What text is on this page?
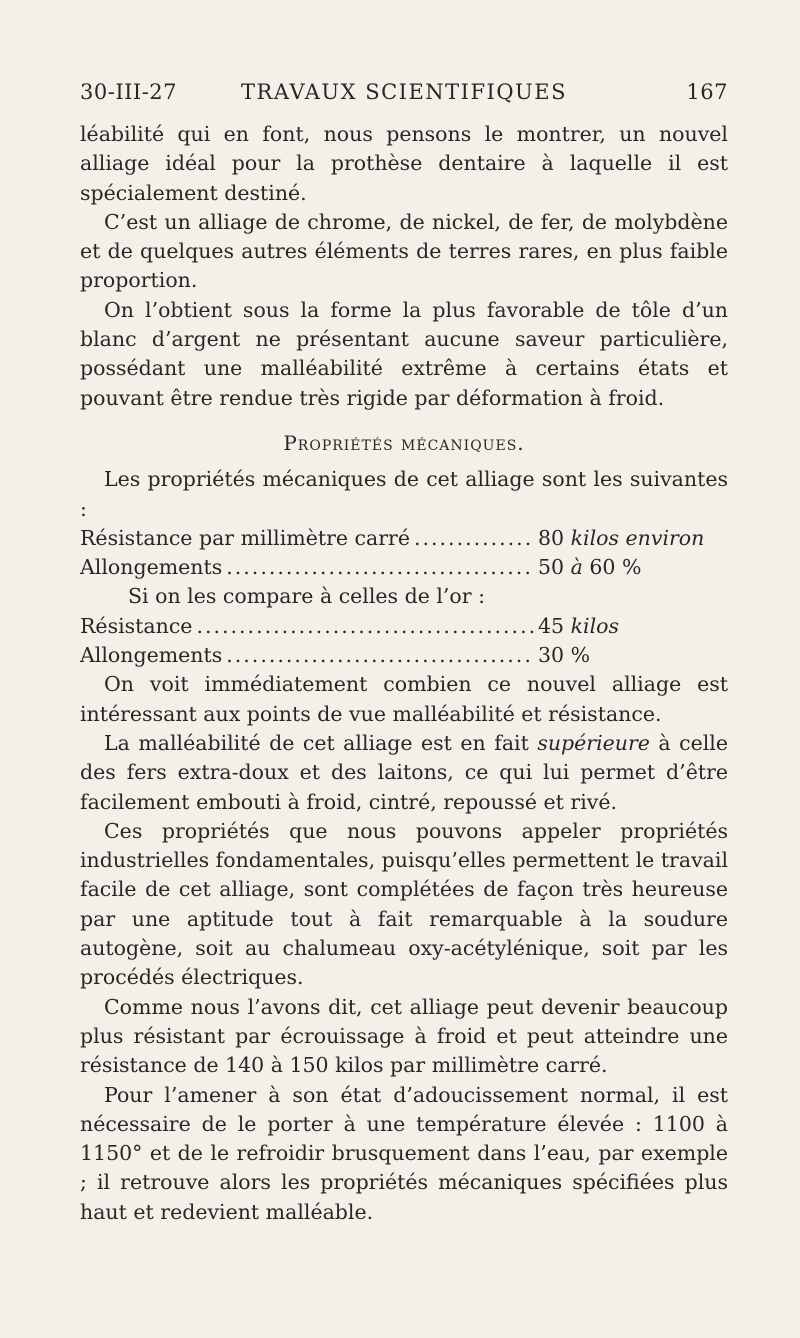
30-III-27	TRAVAUX SCIENTIFIQUES	167

léabilité qui en font, nous pensons le montrer, un nouvel alliage idéal pour la prothèse dentaire à laquelle il est spécialement destiné.

C’est un alliage de chrome, de nickel, de fer, de molybdène et de quelques autres éléments de terres rares, en plus faible proportion.

On l’obtient sous la forme la plus favorable de tôle d’un blanc d’argent ne présentant aucune saveur particulière, possédant une malléabilité extrême à certains états et pouvant être rendue très rigide par déformation à froid.

Propriétés mécaniques.

Les propriétés mécaniques de cet alliage sont les suivantes :

Résistance par millimètre carré .....	80 kilos environ
Allongements .....	50 à 60 %

Si on les compare à celles de l’or :

Résistance .....	45 kilos
Allongements .....	30 %

On voit immédiatement combien ce nouvel alliage est intéressant aux points de vue malléabilité et résistance.

La malléabilité de cet alliage est en fait supérieure à celle des fers extra-doux et des laitons, ce qui lui permet d’être facilement embouti à froid, cintré, repoussé et rivé.

Ces propriétés que nous pouvons appeler propriétés industrielles fondamentales, puisqu’elles permettent le travail facile de cet alliage, sont complétées de façon très heureuse par une aptitude tout à fait remarquable à la soudure autogène, soit au chalumeau oxy-acétylénique, soit par les procédés électriques.

Comme nous l’avons dit, cet alliage peut devenir beaucoup plus résistant par écrouissage à froid et peut atteindre une résistance de 140 à 150 kilos par millimètre carré.

Pour l’amener à son état d’adoucissement normal, il est nécessaire de le porter à une température élevée : 1100 à 1150° et de le refroidir brusquement dans l’eau, par exemple ; il retrouve alors les propriétés mécaniques spécifiées plus haut et redevient malléable.
